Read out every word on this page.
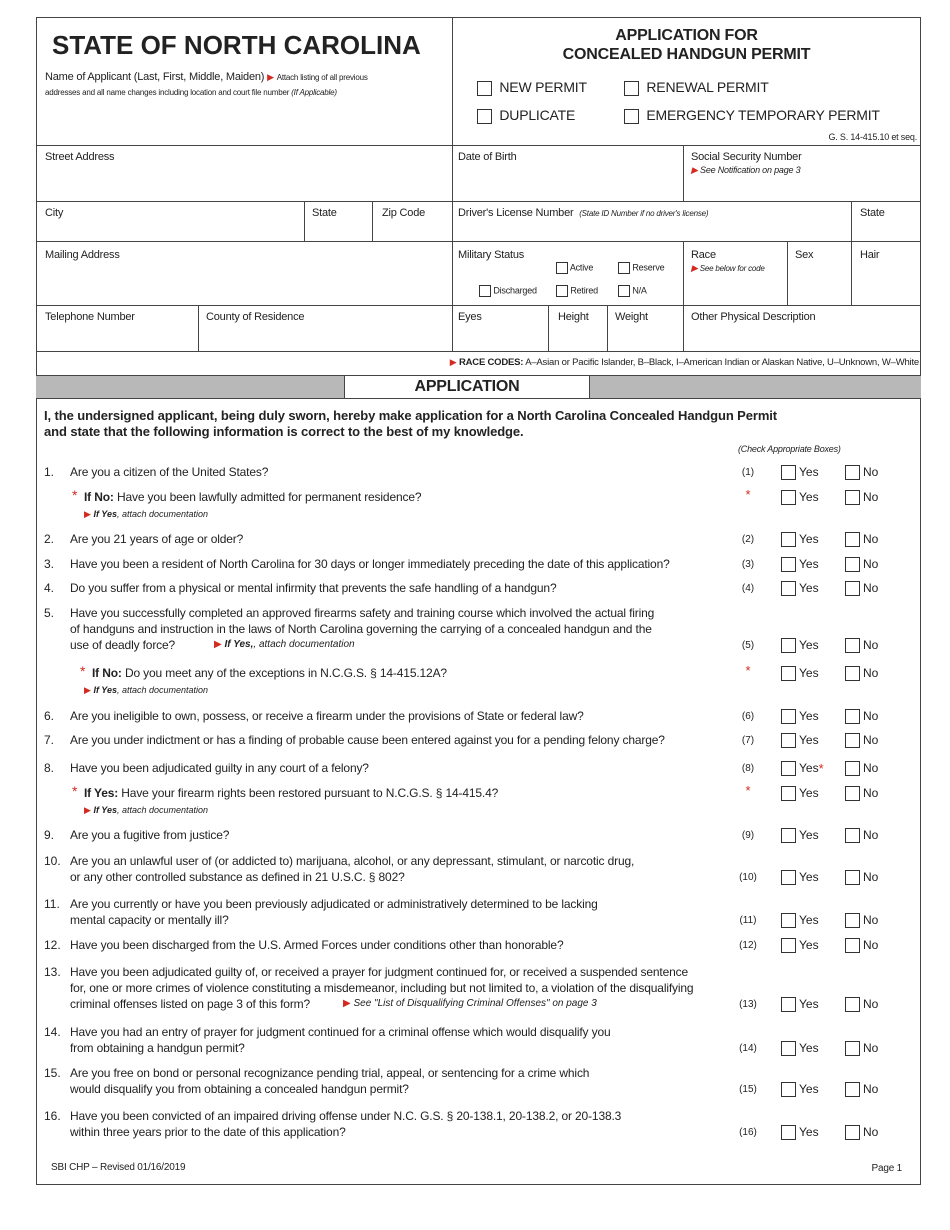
STATE OF NORTH CAROLINA	APPLICATION FOR
CONCEALED HANDGUN PERMIT
Name of Applicant (Last, First, Middle, Maiden) ▶ Attach listing of all previous
addresses and all name changes including location and court file number (If Applicable)	NEW PERMIT	RENEWAL PERMIT
DUPLICATE	EMERGENCY TEMPORARY PERMIT
G. S. 14-415.10 et seq.
Street Address	Date of Birth	Social Security Number
▶ See Notification on page 3
City	State	Zip Code	Driver's License Number (State ID Number if no driver's license)	State
Mailing Address	Military Status
Active	Reserve
Discharged	Retired	N/A
Race
▶ See below for code
Sex	Hair
Telephone Number	County of Residence	Eyes	Height Weight	Other Physical Description
▶ RACE CODES: A–Asian or Pacific Islander, B–Black, I–American Indian or Alaskan Native, U–Unknown, W–White
APPLICATION
I, the undersigned applicant, being duly sworn, hereby make application for a North Carolina Concealed Handgun Permit
and state that the following information is correct to the best of my knowledge.
(Check Appropriate Boxes)
1. Are you a citizen of the United States?	(1)	Yes	No
* If No: Have you been lawfully admitted for permanent residence?
▶ If Yes, attach documentation
*	Yes	No
2. Are you 21 years of age or older?	(2)	Yes	No
3. Have you been a resident of North Carolina for 30 days or longer immediately preceding the date of this application?	(3)	Yes	No
4. Do you suffer from a physical or mental infirmity that prevents the safe handling of a handgun?	(4)	Yes	No
5. Have you successfully completed an approved firearms safety and training course which involved the actual firing
of handguns and instruction in the laws of North Carolina governing the carrying of a concealed handgun and the
use of deadly force?	▶ If Yes,, attach documentation	(5)	Yes	No
* If No: Do you meet any of the exceptions in N.C.G.S. § 14-415.12A?
▶ If Yes, attach documentation
*	Yes	No
6. Are you ineligible to own, possess, or receive a firearm under the provisions of State or federal law?	(6)	Yes	No
7. Are you under indictment or has a finding of probable cause been entered against you for a pending felony charge?	(7)	Yes	No
8. Have you been adjudicated guilty in any court of a felony?	(8)	Yes*	No
* If Yes: Have your firearm rights been restored pursuant to N.C.G.S. § 14-415.4?
▶ If Yes, attach documentation
*	Yes	No
9. Are you a fugitive from justice?	(9)	Yes	No
10. Are you an unlawful user of (or addicted to) marijuana, alcohol, or any depressant, stimulant, or narcotic drug,
or any other controlled substance as defined in 21 U.S.C. § 802?	(10)	Yes	No
11. Are you currently or have you been previously adjudicated or administratively determined to be lacking
mental capacity or mentally ill?	(11)	Yes	No
12. Have you been discharged from the U.S. Armed Forces under conditions other than honorable?	(12)	Yes	No
13. Have you been adjudicated guilty of, or received a prayer for judgment continued for, or received a suspended sentence
for, one or more crimes of violence constituting a misdemeanor, including but not limited to, a violation of the disqualifying
criminal offenses listed on page 3 of this form?	▶ See "List of Disqualifying Criminal Offenses" on page 3	(13)	Yes	No
14. Have you had an entry of prayer for judgment continued for a criminal offense which would disqualify you
from obtaining a handgun permit?	(14)	Yes	No
15. Are you free on bond or personal recognizance pending trial, appeal, or sentencing for a crime which
would disqualify you from obtaining a concealed handgun permit?	(15)	Yes	No
16. Have you been convicted of an impaired driving offense under N.C. G.S. § 20-138.1, 20-138.2, or 20-138.3
within three years prior to the date of this application?	(16)	Yes	No
SBI CHP – Revised 01/16/2019	Page 1
